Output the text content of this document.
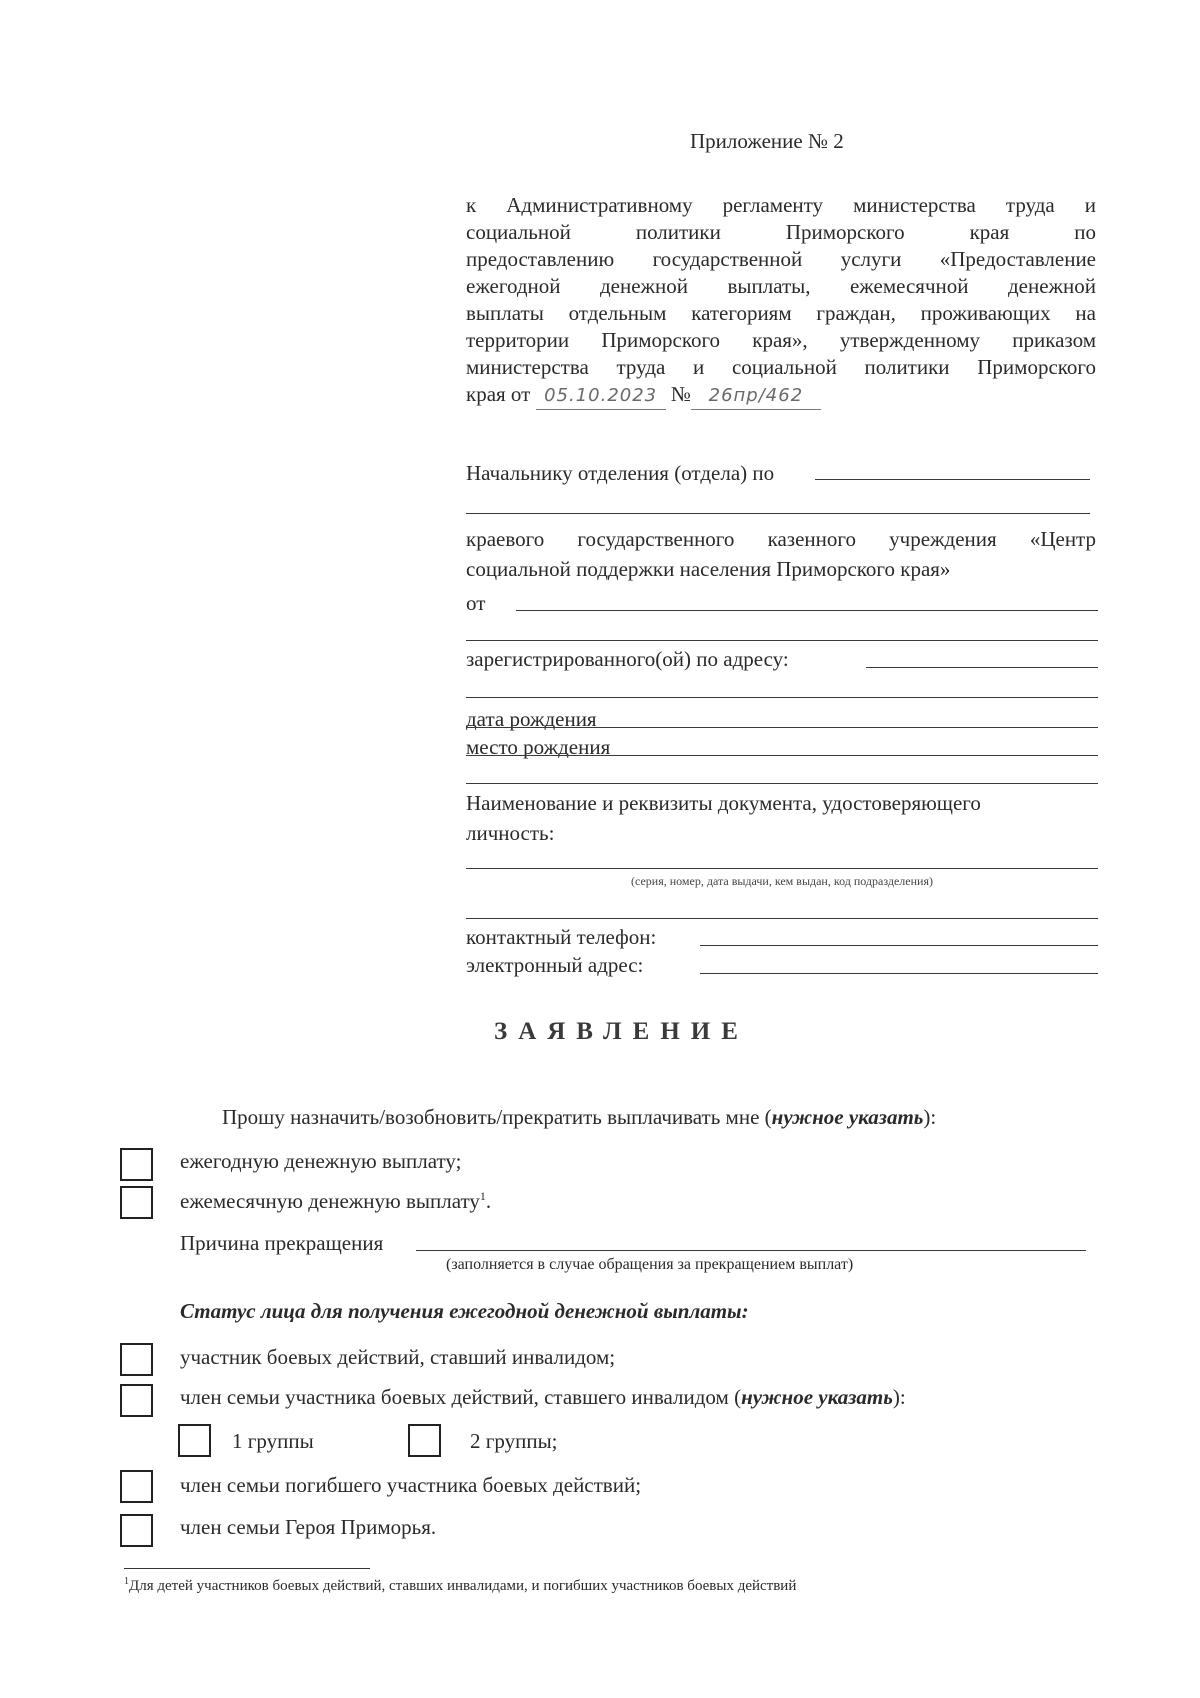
Приложение № 2
к Административному регламенту министерства труда и
социальной политики Приморского края по
предоставлению государственной услуги «Предоставление
ежегодной денежной выплаты, ежемесячной денежной
выплаты отдельным категориям граждан, проживающих на
территории Приморского края», утвержденному приказом
министерства труда и социальной политики Приморского
края от 05.10.2023 № 26пр/462
Начальнику отделения (отдела) по
краевого государственного казенного учреждения «Центр
социальной поддержки населения Приморского края»
от
зарегистрированного(ой) по адресу:
дата рождения
место рождения
Наименование и реквизиты документа, удостоверяющего
личность:
(серия, номер, дата выдачи, кем выдан, код подразделения)
контактный телефон:
электронный адрес:
ЗАЯВЛЕНИЕ
Прошу назначить/возобновить/прекратить выплачивать мне (нужное указать):
ежегодную денежную выплату;
ежемесячную денежную выплату$^1$.
Причина прекращения
(заполняется в случае обращения за прекращением выплат)
Статус лица для получения ежегодной денежной выплаты:
участник боевых действий, ставший инвалидом;
член семьи участника боевых действий, ставшего инвалидом (нужное указать):
1 группы	2 группы;
член семьи погибшего участника боевых действий;
член семьи Героя Приморья.
$^1$Для детей участников боевых действий, ставших инвалидами, и погибших участников боевых действий
